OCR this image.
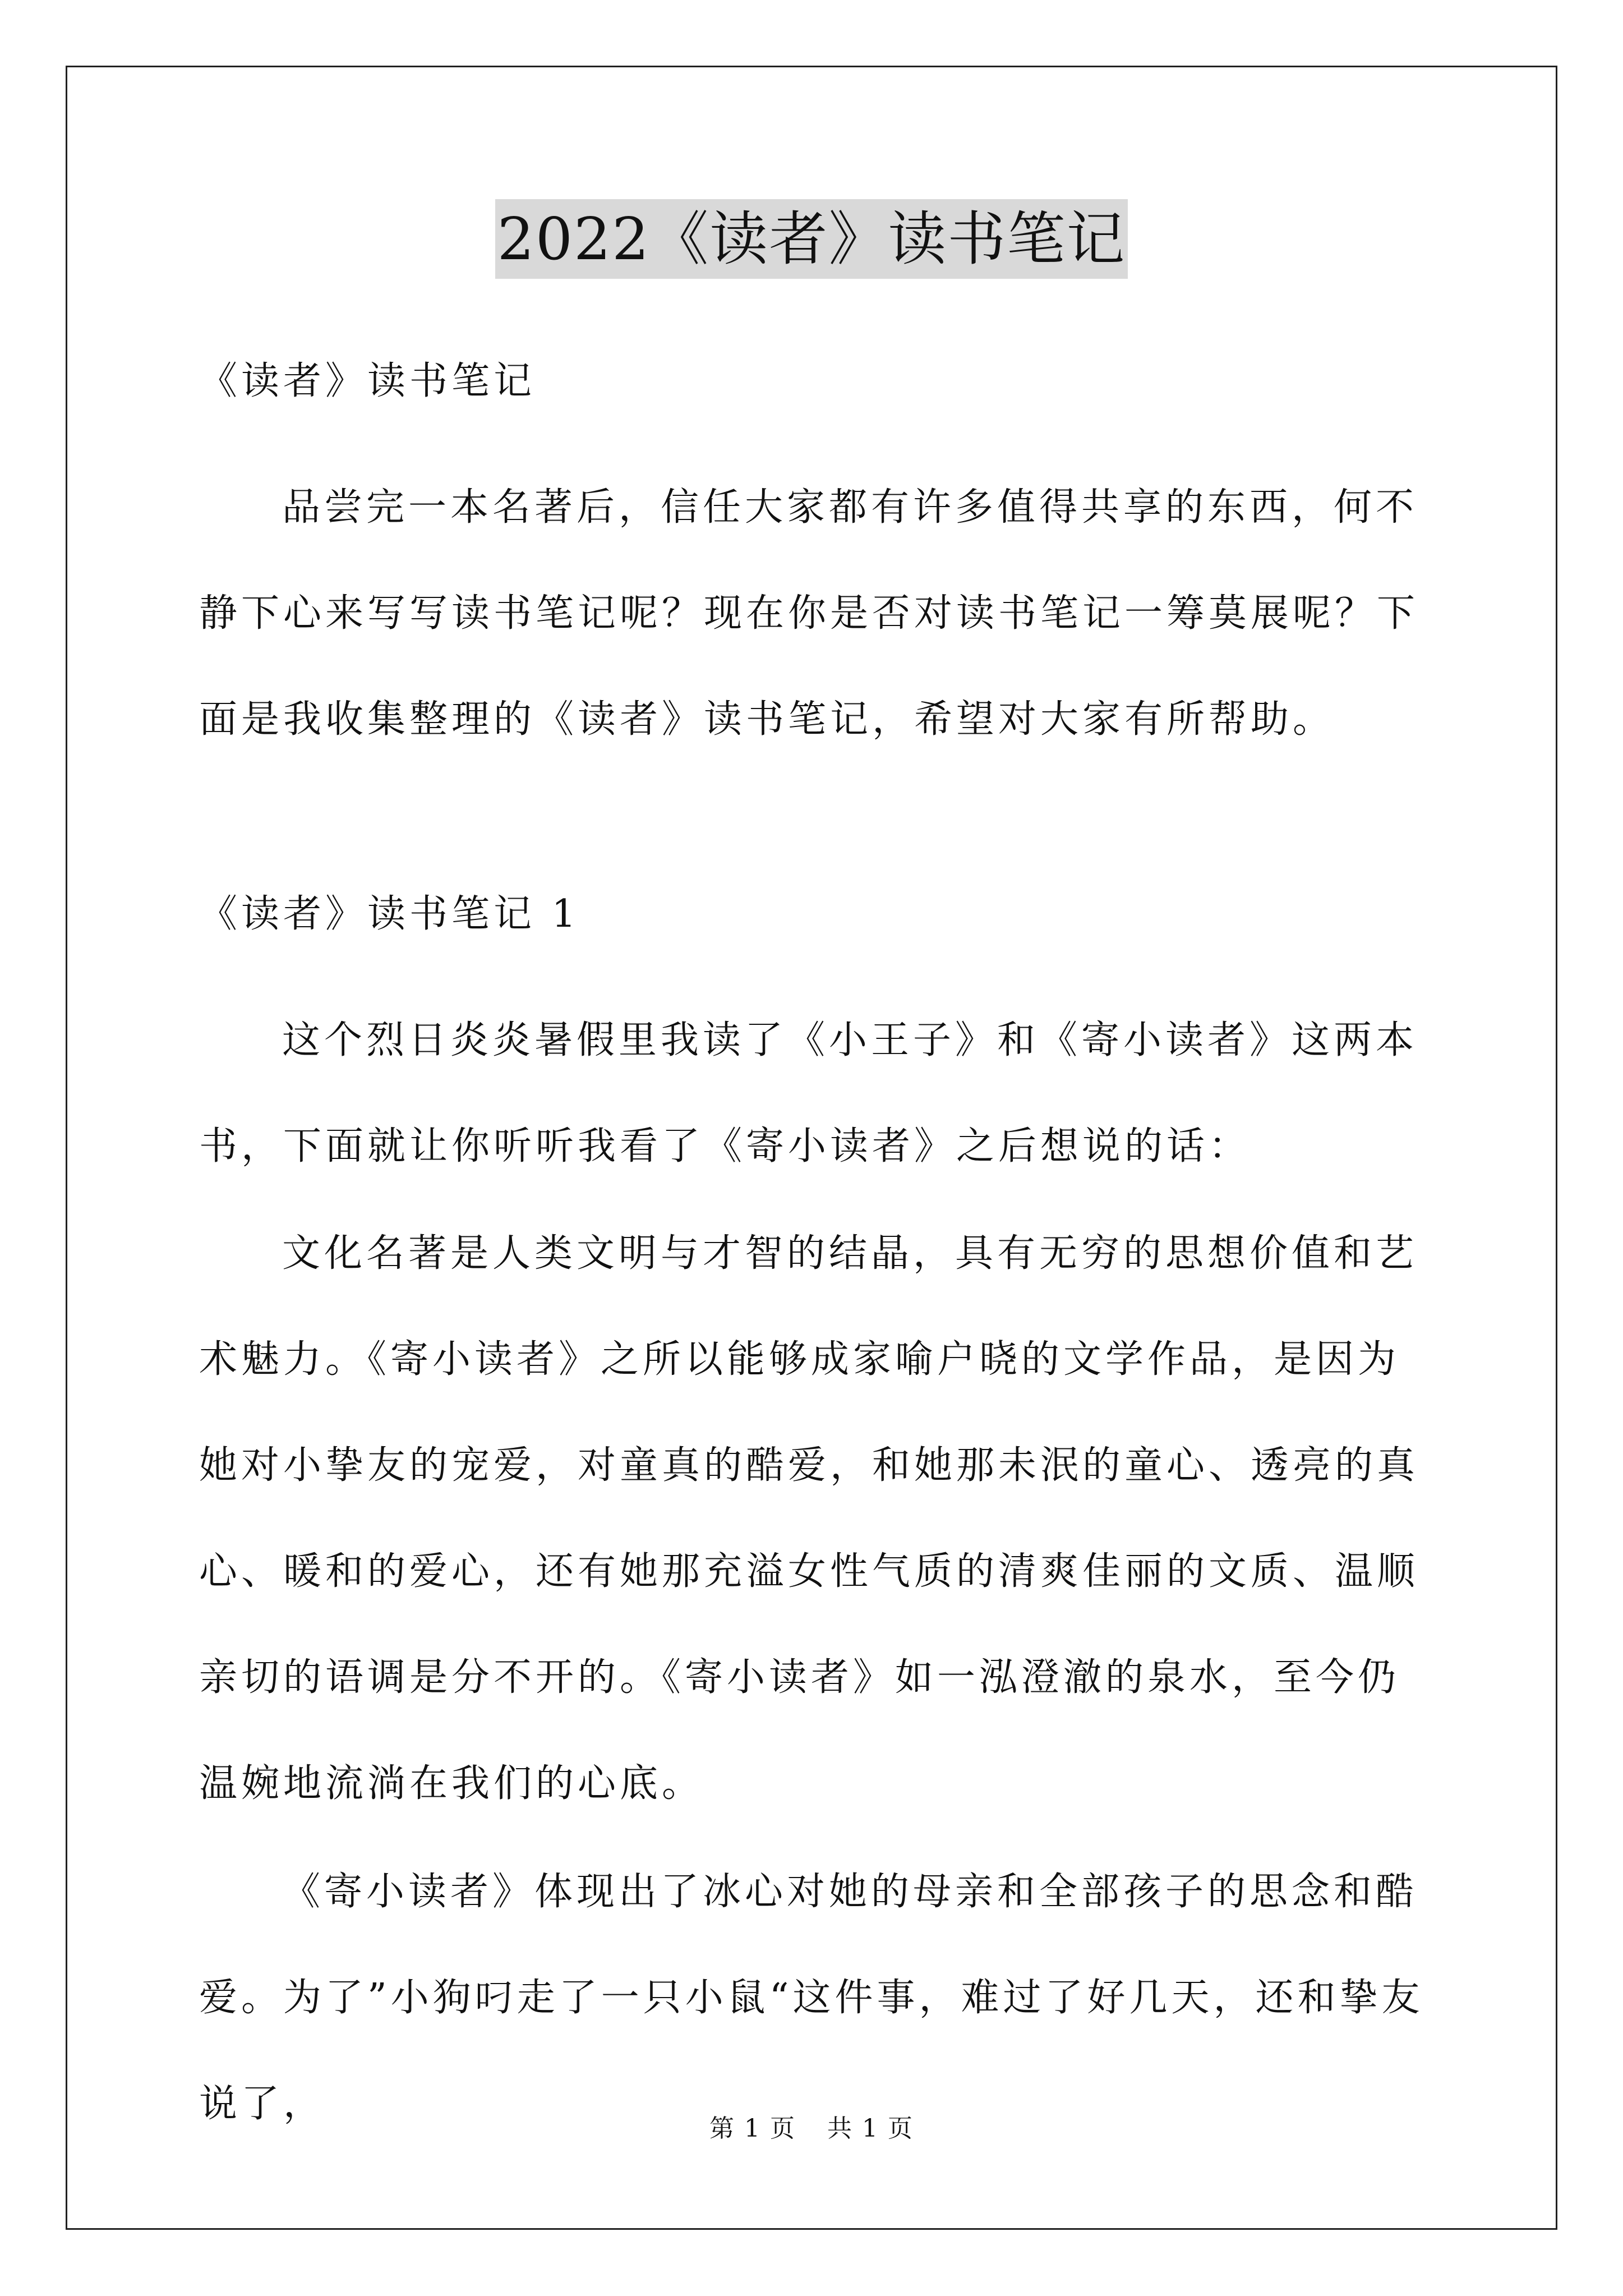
2022《读者》读书笔记
《读者》读书笔记
品尝完一本名著后，信任大家都有许多值得共享的东西，何不静下心来写写读书笔记呢？现在你是否对读书笔记一筹莫展呢？下面是我收集整理的《读者》读书笔记，希望对大家有所帮助。
《读者》读书笔记 1
这个烈日炎炎暑假里我读了《小王子》和《寄小读者》这两本书，下面就让你听听我看了《寄小读者》之后想说的话：
文化名著是人类文明与才智的结晶，具有无穷的思想价值和艺术魅力。《寄小读者》之所以能够成家喻户晓的文学作品，是因为她对小挚友的宠爱，对童真的酷爱，和她那未泯的童心、透亮的真心、暖和的爱心，还有她那充溢女性气质的清爽佳丽的文质、温顺亲切的语调是分不开的。《寄小读者》如一泓澄澈的泉水，至今仍温婉地流淌在我们的心底。
《寄小读者》体现出了冰心对她的母亲和全部孩子的思念和酷爱。为了”小狗叼走了一只小鼠“这件事，难过了好几天，还和挚友说了，
第 1 页 共 1 页
